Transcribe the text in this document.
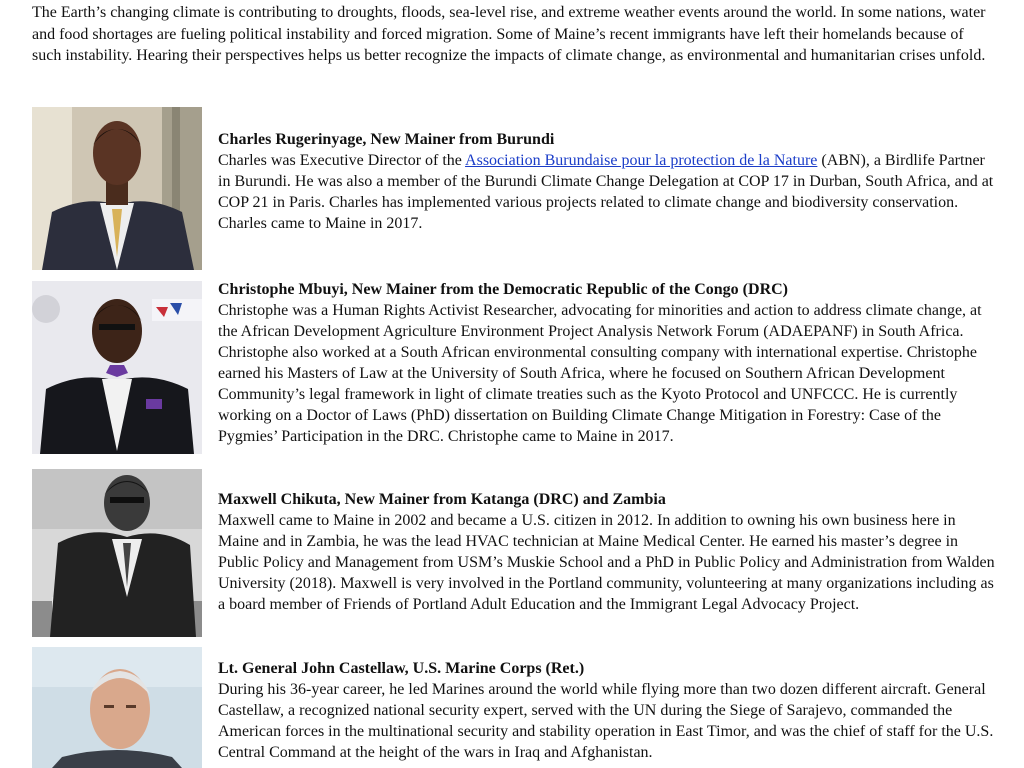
The Earth’s changing climate is contributing to droughts, floods, sea-level rise, and extreme weather events around the world. In some nations, water and food shortages are fueling political instability and forced migration. Some of Maine’s recent immigrants have left their homelands because of such instability. Hearing their perspectives helps us better recognize the impacts of climate change, as environmental and humanitarian crises unfold.
Charles Rugerinyage, New Mainer from Burundi
Charles was Executive Director of the Association Burundaise pour la protection de la Nature (ABN), a Birdlife Partner in Burundi. He was also a member of the Burundi Climate Change Delegation at COP 17 in Durban, South Africa, and at COP 21 in Paris. Charles has implemented various projects related to climate change and biodiversity conservation. Charles came to Maine in 2017.
Christophe Mbuyi, New Mainer from the Democratic Republic of the Congo (DRC)
Christophe was a Human Rights Activist Researcher, advocating for minorities and action to address climate change, at the African Development Agriculture Environment Project Analysis Network Forum (ADAEPANF) in South Africa. Christophe also worked at a South African environmental consulting company with international expertise. Christophe earned his Masters of Law at the University of South Africa, where he focused on Southern African Development Community’s legal framework in light of climate treaties such as the Kyoto Protocol and UNFCCC. He is currently working on a Doctor of Laws (PhD) dissertation on Building Climate Change Mitigation in Forestry: Case of the Pygmies’ Participation in the DRC. Christophe came to Maine in 2017.
Maxwell Chikuta, New Mainer from Katanga (DRC) and Zambia
Maxwell came to Maine in 2002 and became a U.S. citizen in 2012. In addition to owning his own business here in Maine and in Zambia, he was the lead HVAC technician at Maine Medical Center. He earned his master’s degree in Public Policy and Management from USM’s Muskie School and a PhD in Public Policy and Administration from Walden University (2018). Maxwell is very involved in the Portland community, volunteering at many organizations including as a board member of Friends of Portland Adult Education and the Immigrant Legal Advocacy Project.
Lt. General John Castellaw, U.S. Marine Corps (Ret.)
During his 36-year career, he led Marines around the world while flying more than two dozen different aircraft. General Castellaw, a recognized national security expert, served with the UN during the Siege of Sarajevo, commanded the American forces in the multinational security and stability operation in East Timor, and was the chief of staff for the U.S. Central Command at the height of the wars in Iraq and Afghanistan.
